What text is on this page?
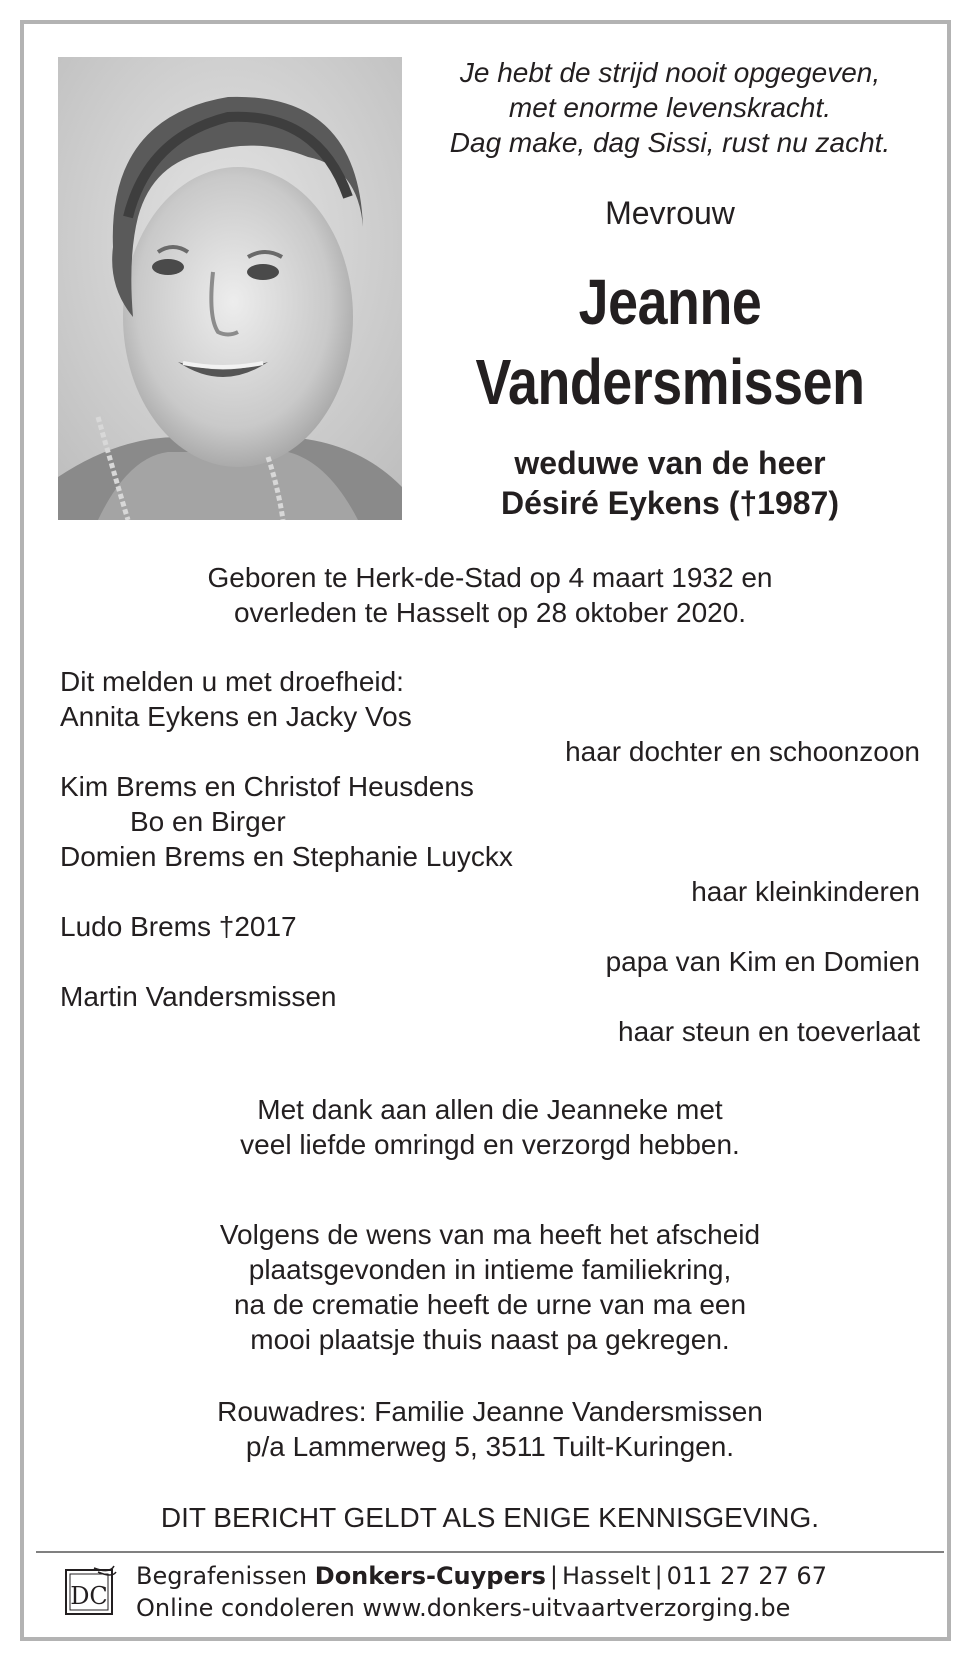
Je hebt de strijd nooit opgegeven,
met enorme levenskracht.
Dag make, dag Sissi, rust nu zacht.
Mevrouw
Jeanne
Vandersmissen
weduwe van de heer
Désiré Eykens (†1987)
Geboren te Herk-de-Stad op 4 maart 1932 en
overleden te Hasselt op 28 oktober 2020.
Dit melden u met droefheid:
Annita Eykens en Jacky Vos
haar dochter en schoonzoon
Kim Brems en Christof Heusdens
Bo en Birger
Domien Brems en Stephanie Luyckx
haar kleinkinderen
Ludo Brems †2017
papa van Kim en Domien
Martin Vandersmissen
haar steun en toeverlaat
Met dank aan allen die Jeanneke met
veel liefde omringd en verzorgd hebben.
Volgens de wens van ma heeft het afscheid
plaatsgevonden in intieme familiekring,
na de crematie heeft de urne van ma een
mooi plaatsje thuis naast pa gekregen.
Rouwadres: Familie Jeanne Vandersmissen
p/a Lammerweg 5, 3511 Tuilt-Kuringen.
DIT BERICHT GELDT ALS ENIGE KENNISGEVING.
DC
Begrafenissen Donkers-Cuypers | Hasselt | 011 27 27 67
Online condoleren www.donkers-uitvaartverzorging.be
